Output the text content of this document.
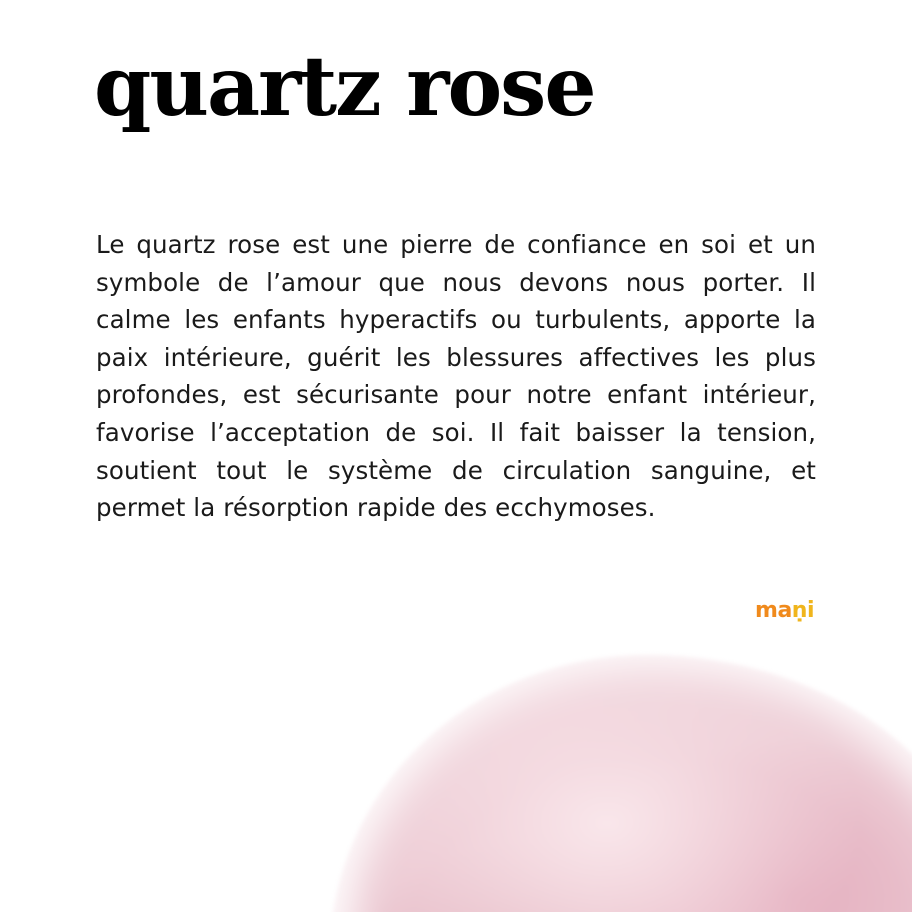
quartz rose

Le quartz rose est une pierre de confiance en soi et un symbole de l’amour que nous devons nous porter. Il calme les enfants hyperactifs ou turbulents, apporte la paix intérieure, guérit les blessures affectives les plus profondes, est sécurisante pour notre enfant intérieur, favorise l’acceptation de soi. Il fait baisser la tension, soutient tout le système de circulation sanguine, et permet la résorption rapide des ecchymoses.

maṇi
